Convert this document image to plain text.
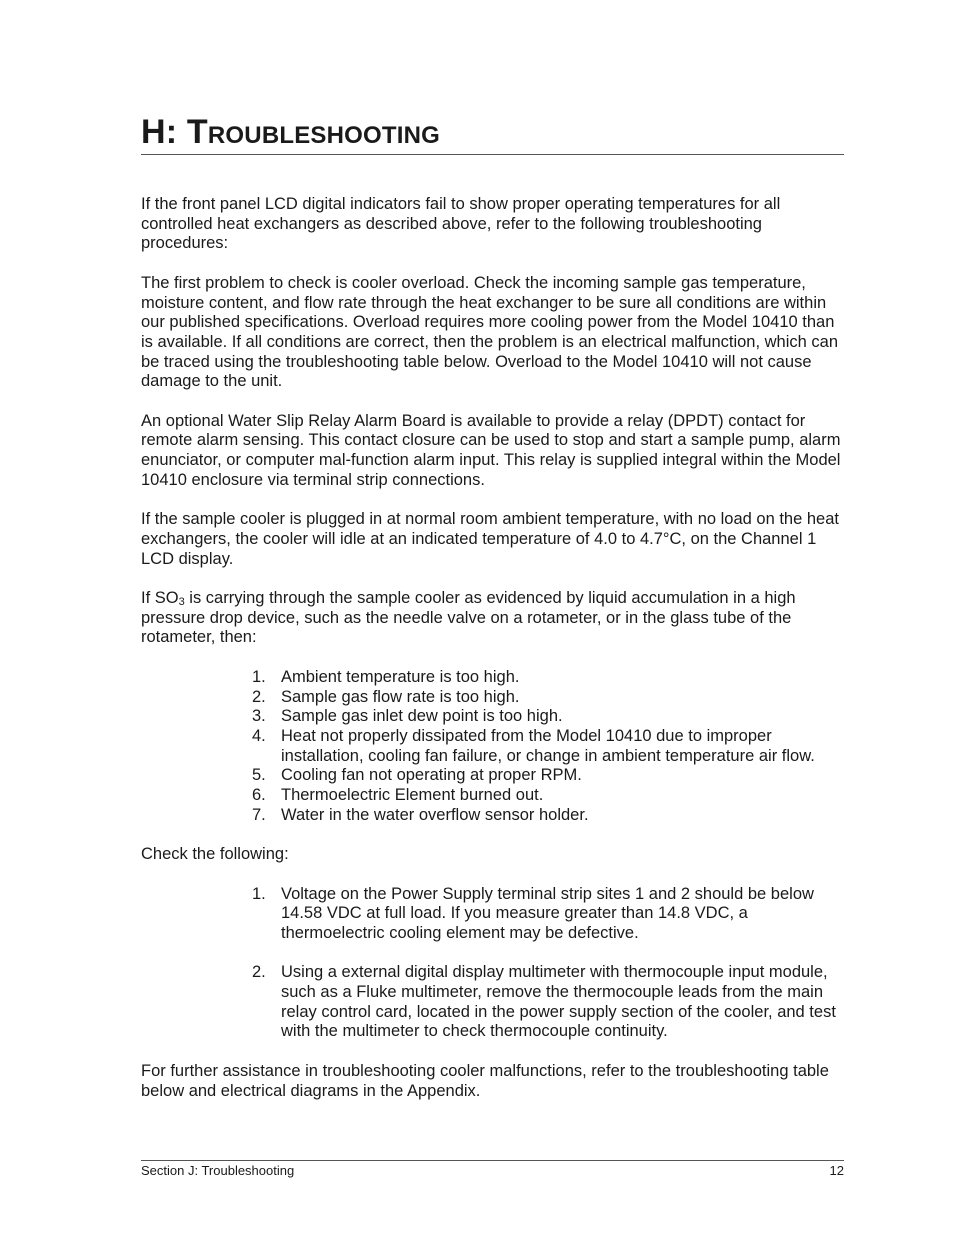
H: Troubleshooting

If the front panel LCD digital indicators fail to show proper operating temperatures for all controlled heat exchangers as described above, refer to the following troubleshooting procedures:

The first problem to check is cooler overload. Check the incoming sample gas temperature, moisture content, and flow rate through the heat exchanger to be sure all conditions are within our published specifications. Overload requires more cooling power from the Model 10410 than is available. If all conditions are correct, then the problem is an electrical malfunction, which can be traced using the troubleshooting table below. Overload to the Model 10410 will not cause damage to the unit.

An optional Water Slip Relay Alarm Board is available to provide a relay (DPDT) contact for remote alarm sensing. This contact closure can be used to stop and start a sample pump, alarm enunciator, or computer mal-function alarm input. This relay is supplied integral within the Model 10410 enclosure via terminal strip connections.

If the sample cooler is plugged in at normal room ambient temperature, with no load on the heat exchangers, the cooler will idle at an indicated temperature of 4.0 to 4.7°C, on the Channel 1 LCD display.

If $SO_3$ is carrying through the sample cooler as evidenced by liquid accumulation in a high pressure drop device, such as the needle valve on a rotameter, or in the glass tube of the rotameter, then:

1. Ambient temperature is too high.
2. Sample gas flow rate is too high.
3. Sample gas inlet dew point is too high.
4. Heat not properly dissipated from the Model 10410 due to improper installation, cooling fan failure, or change in ambient temperature air flow.
5. Cooling fan not operating at proper RPM.
6. Thermoelectric Element burned out.
7. Water in the water overflow sensor holder.

Check the following:

1. Voltage on the Power Supply terminal strip sites 1 and 2 should be below 14.58 VDC at full load. If you measure greater than 14.8 VDC, a thermoelectric cooling element may be defective.
2. Using a external digital display multimeter with thermocouple input module, such as a Fluke multimeter, remove the thermocouple leads from the main relay control card, located in the power supply section of the cooler, and test with the multimeter to check thermocouple continuity.

For further assistance in troubleshooting cooler malfunctions, refer to the troubleshooting table below and electrical diagrams in the Appendix.

Section J: Troubleshooting	12
